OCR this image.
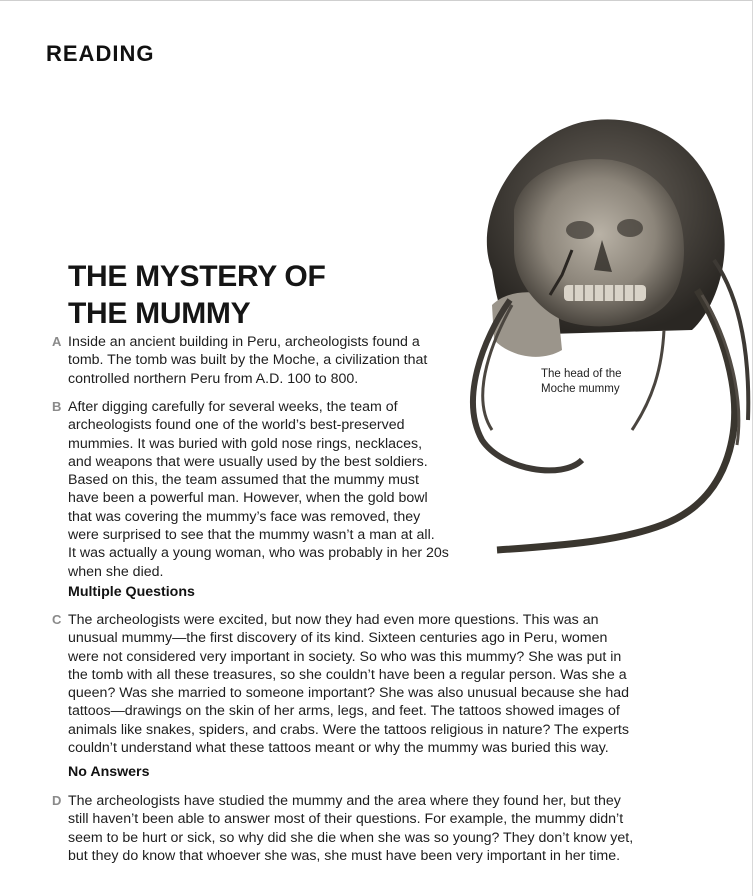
READING
THE MYSTERY OF
THE MUMMY
The head of the
Moche mummy
A Inside an ancient building in Peru, archeologists found a
tomb. The tomb was built by the Moche, a civilization that
controlled northern Peru from A.D. 100 to 800.
B After digging carefully for several weeks, the team of
archeologists found one of the world’s best-preserved
mummies. It was buried with gold nose rings, necklaces,
and weapons that were usually used by the best soldiers.
Based on this, the team assumed that the mummy must
have been a powerful man. However, when the gold bowl
that was covering the mummy’s face was removed, they
were surprised to see that the mummy wasn’t a man at all.
It was actually a young woman, who was probably in her 20s
when she died.
Multiple Questions
C The archeologists were excited, but now they had even more questions. This was an
unusual mummy—the first discovery of its kind. Sixteen centuries ago in Peru, women
were not considered very important in society. So who was this mummy? She was put in
the tomb with all these treasures, so she couldn’t have been a regular person. Was she a
queen? Was she married to someone important? She was also unusual because she had
tattoos—drawings on the skin of her arms, legs, and feet. The tattoos showed images of
animals like snakes, spiders, and crabs. Were the tattoos religious in nature? The experts
couldn’t understand what these tattoos meant or why the mummy was buried this way.
No Answers
D The archeologists have studied the mummy and the area where they found her, but they
still haven’t been able to answer most of their questions. For example, the mummy didn’t
seem to be hurt or sick, so why did she die when she was so young? They don’t know yet,
but they do know that whoever she was, she must have been very important in her time.
